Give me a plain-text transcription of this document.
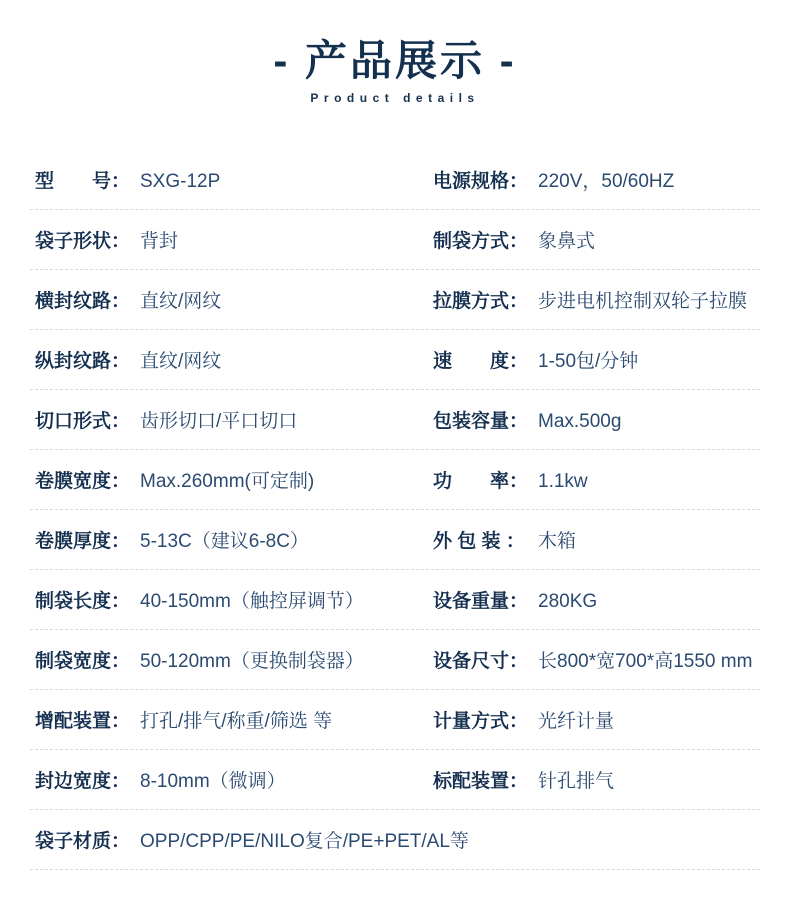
- 产品展示 -
Product details
型　　号： SXG-12P	电源规格： 220V，50/60HZ
袋子形状： 背封	制袋方式： 象鼻式
横封纹路： 直纹/网纹	拉膜方式： 步进电机控制双轮子拉膜
纵封纹路： 直纹/网纹	速　　度： 1-50包/分钟
切口形式： 齿形切口/平口切口	包装容量： Max.500g
卷膜宽度： Max.260mm(可定制)	功　　率： 1.1kw
卷膜厚度： 5-13C（建议6-8C）	外 包 装 ： 木箱
制袋长度： 40-150mm（触控屏调节）	设备重量： 280KG
制袋宽度： 50-120mm（更换制袋器）	设备尺寸： 长800*宽700*高1550 mm
增配装置： 打孔/排气/称重/筛选 等	计量方式： 光纤计量
封边宽度： 8-10mm（微调）	标配装置： 针孔排气
袋子材质： OPP/CPP/PE/NILO复合/PE+PET/AL等
